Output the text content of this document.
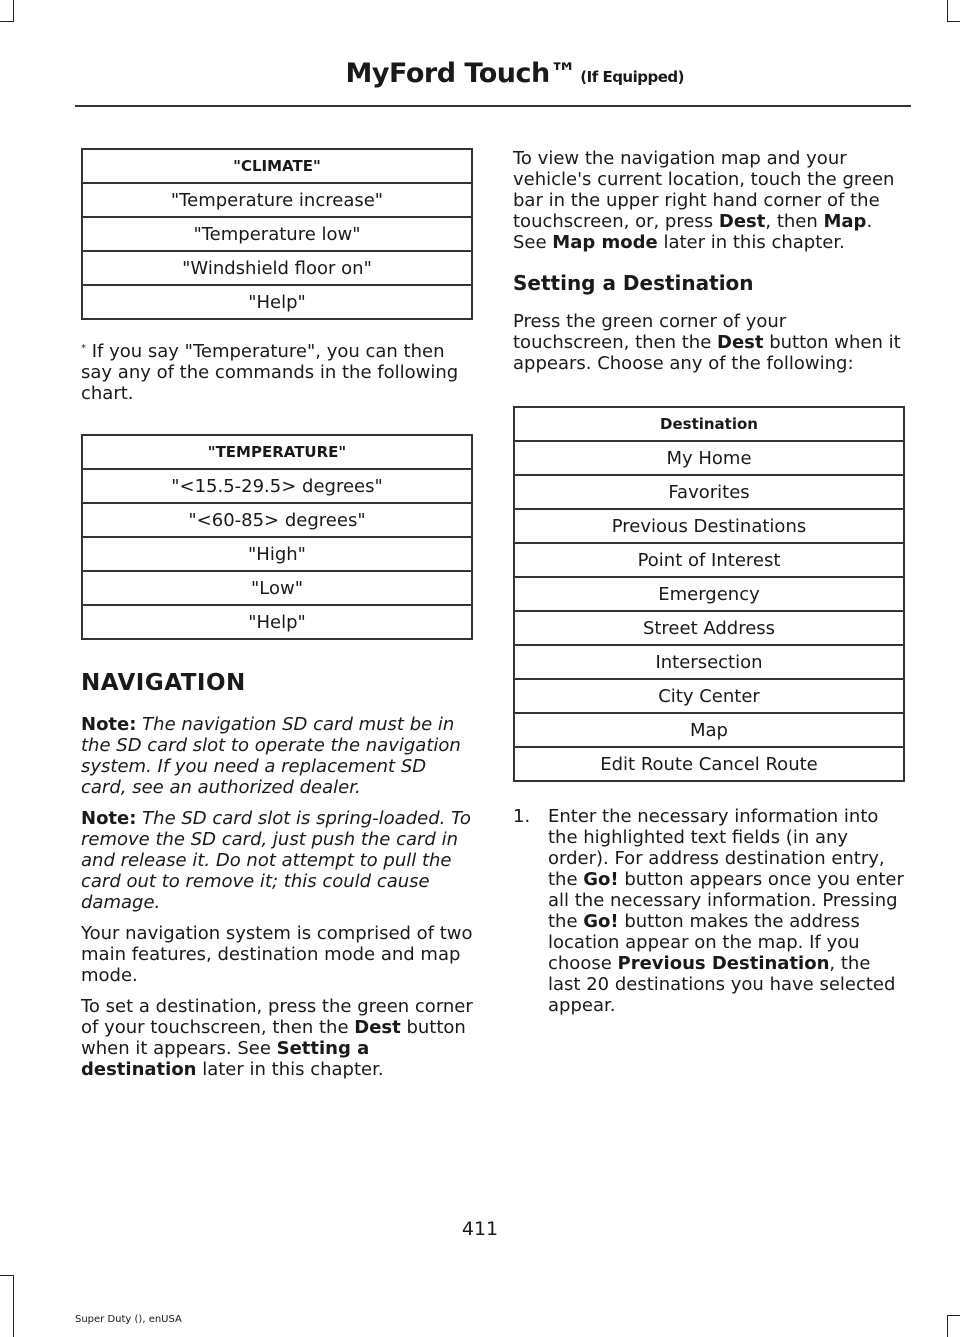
MyFord Touch™ (If Equipped)
"CLIMATE"
"Temperature increase"
"Temperature low"
"Windshield floor on"
"Help"

* If you say "Temperature", you can then say any of the commands in the following chart.

"TEMPERATURE"
"<15.5-29.5> degrees"
"<60-85> degrees"
"High"
"Low"
"Help"
NAVIGATION

Note: The navigation SD card must be in the SD card slot to operate the navigation system. If you need a replacement SD card, see an authorized dealer.

Note: The SD card slot is spring-loaded. To remove the SD card, just push the card in and release it. Do not attempt to pull the card out to remove it; this could cause damage.

Your navigation system is comprised of two main features, destination mode and map mode.

To set a destination, press the green corner of your touchscreen, then the Dest button when it appears. See Setting a destination later in this chapter.

To view the navigation map and your vehicle's current location, touch the green bar in the upper right hand corner of the touchscreen, or, press Dest, then Map. See Map mode later in this chapter.

Setting a Destination

Press the green corner of your touchscreen, then the Dest button when it appears. Choose any of the following:

Destination
My Home
Favorites
Previous Destinations
Point of Interest
Emergency
Street Address
Intersection
City Center
Map
Edit Route Cancel Route
1. Enter the necessary information into the highlighted text fields (in any order). For address destination entry, the Go! button appears once you enter all the necessary information. Pressing the Go! button makes the address location appear on the map. If you choose Previous Destination, the last 20 destinations you have selected appear.
411
Super Duty (), enUSA
